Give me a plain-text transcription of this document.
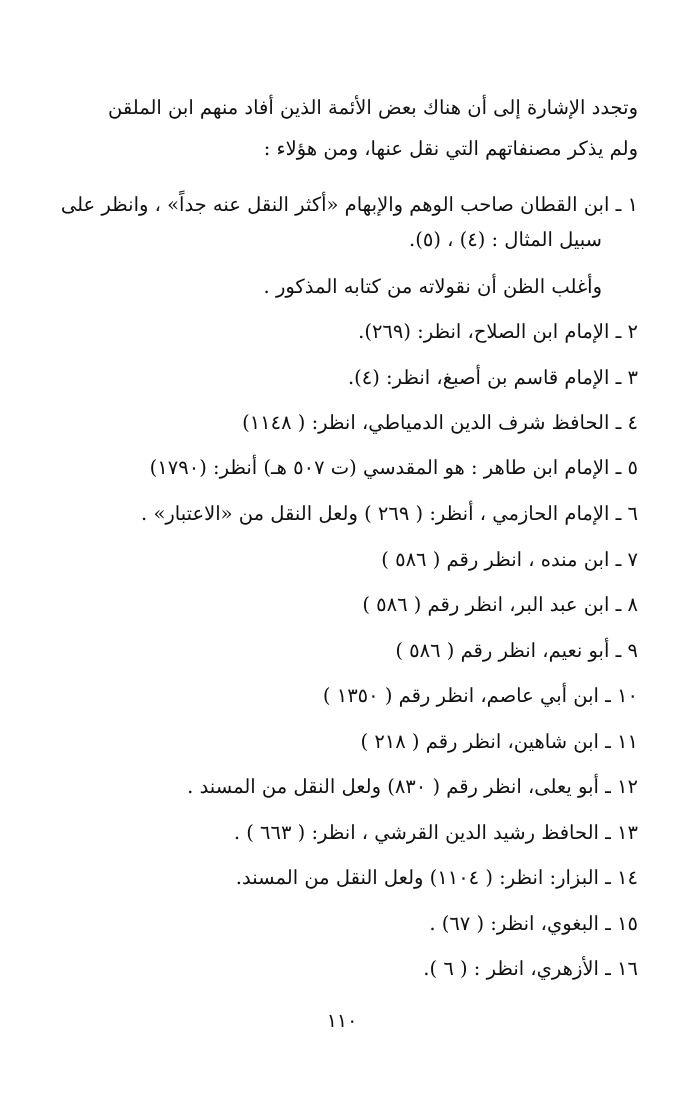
وتجدد الإشارة إلى أن هناك بعض الأئمة الذين أفاد منهم ابن الملقن
ولم يذكر مصنفاتهم التي نقل عنها، ومن هؤلاء :
١ ـ ابن القطان صاحب الوهم والإبهام «أكثر النقل عنه جداً» ، وانظر على
سبيل المثال : (٤) ، (٥).
وأغلب الظن أن نقولاته من كتابه المذكور .
٢ ـ الإمام ابن الصلاح، انظر: (٢٦٩).
٣ ـ الإمام قاسم بن أصبغ، انظر: (٤).
٤ ـ الحافظ شرف الدين الدمياطي، انظر: ( ١١٤٨)
٥ ـ الإمام ابن طاهر : هو المقدسي (ت ٥٠٧ هـ) أنظر: (١٧٩٠)
٦ ـ الإمام الحازمي ، أنظر: ( ٢٦٩ ) ولعل النقل من «الاعتبار» .
٧ ـ ابن منده ، انظر رقم ( ٥٨٦ )
٨ ـ ابن عبد البر، انظر رقم ( ٥٨٦ )
٩ ـ أبو نعيم، انظر رقم ( ٥٨٦ )
١٠ ـ ابن أبي عاصم، انظر رقم ( ١٣٥٠ )
١١ ـ ابن شاهين، انظر رقم ( ٢١٨ )
١٢ ـ أبو يعلى، انظر رقم ( ٨٣٠) ولعل النقل من المسند .
١٣ ـ الحافظ رشيد الدين القرشي ، انظر: ( ٦٦٣ ) .
١٤ ـ البزار: انظر: ( ١١٠٤) ولعل النقل من المسند.
١٥ ـ البغوي، انظر: ( ٦٧) .
١٦ ـ الأزهري، انظر : ( ٦ ).
١١٠
